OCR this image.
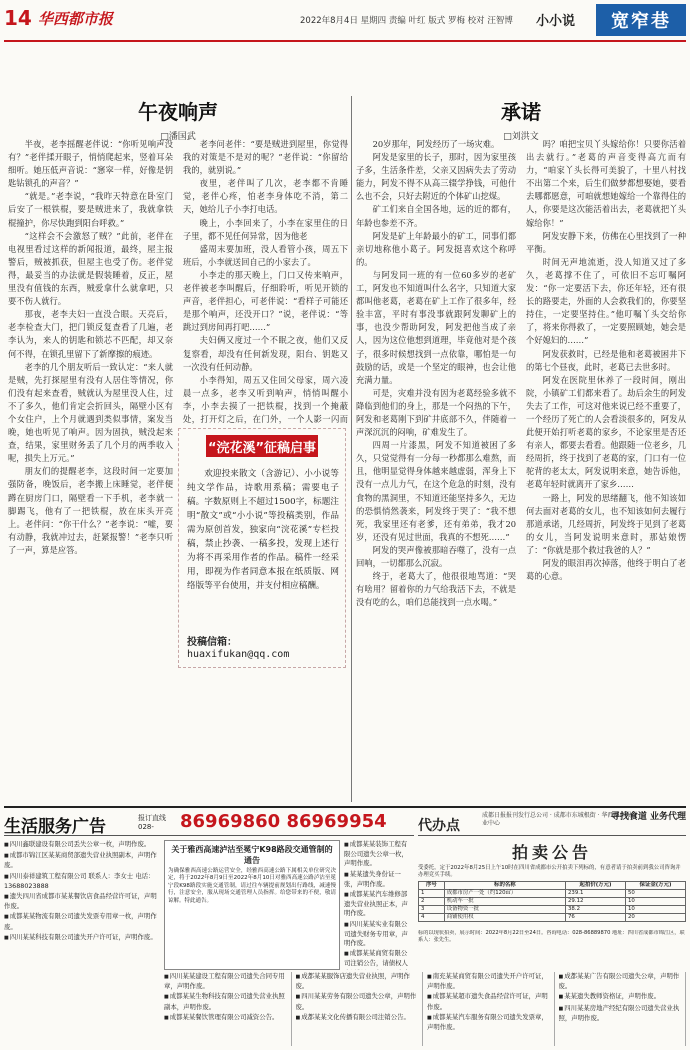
14 华西都市报	2022年8月4日 星期四 责编 叶红 版式 罗梅 校对 汪智博 小小说	宽窄巷
午夜响声
□潘国武

半夜，老李摇醒老伴说：“你听见响声没有？”老伴揉开眼子，悄悄爬起来，竖着耳朵细听。她压低声音说：“窸窣一样，好像是钥匙钻锁孔的声音？”

“就是。”老李说，“我昨天特意在卧室门后安了一根铁棍，要是贼进来了，我就拿铁棍撞护，你尽快跑到阳台呼救。”

“这样会不会激怒了贼？”此前，老伴在电视里看过这样的新闻报道，最终，屋主报警后，贼被抓获，但屋主也受了伤。老伴觉得，最妥当的办法就是假装睡着，反正，屋里没有值钱的东西，贼爱拿什么就拿吧，只要不伤人就行。

那夜，老李夫妇一直没合眼。天亮后，老李检查大门，把门锁反复查看了几遍，老李认为，来人的钥匙和锁芯不匹配，却又奈何不得，在锁孔里留下了新摩擦的痕迹。

老李的几个朋友听后一致认定：“来人就是贼，先打探屋里有没有人居住等情况，你们没有起来查看，贼就认为屋里没人住，过不了多久，他们肯定会折回头，隔壁小区有个女住户，上个月就遇到类似事情，案发当晚，她也听见了响声。因为固执，贼没起来查，结果，家里财务丢了几个月的两季收入呢，损失上万元。”

朋友们的提醒老李，这段时间一定要加强防备，晚饭后，老李搬上床睡觉，老伴便蹲在厨房门口，隔壁看一下手机，老李就一脚踢飞，他有了一把铁棍，放在床头开亮上。老伴问：“你干什么？”老李说：“嘘，要有动静，我就冲过去，赶紧报警！”老李只听了一声，算是应答。

老李问老伴：“要是贼进到屋里，你觉得我的对策是不是对的呢？”老伴说：“你留给我的，就别说。”

夜里，老伴叫了几次，老李都不肯睡觉，老伴心疼，怕老李身体吃不消，第二天，她给儿子小李打电话。

晚上，小李回来了，小李在家里住的日子里，都不见任何异常，因为他老

盛周末要加班，没人看管小孩，周五下班后，小李就送回自己的小家去了。

小李走的那天晚上，门口又传来响声，老伴被老李叫醒后，仔细聆听，听见开锁的声音，老伴担心，可老伴说：“看样子可能还是那个响声，还没开口？”说，老伴说：“等跳过到房间再打吧……”

夫妇俩又度过一个不眠之夜，他们又反复察看，却没有任何新发现，阳台、钥匙又一次没有任何动静。

小李得知，周五又住回父母家，周六凌晨一点多，老李又听到响声，悄悄叫醒小李，小李去摸了一把铁棍，找到一个掩蔽处，打开灯之后，在门外，一个人影一闪而

“浣花溪”征稿启事

欢迎投来散文（含游记）、小小说等纯文学作品，诗歌用系稿；需要电子稿。字数原则上不超过1500字，标题注明“散文”或“小小说”等投稿类别，作品需为原创首发，独家向“浣花溪”专栏投稿，禁止抄袭、一稿多投，发现上述行为将不再采用作者的作品。稿件一经采用，即视为作者同意本报在纸质版、网络版等平台使用，并支付相应稿酬。

投稿信箱：
huaxifukan@qq.com
承诺
□刘洪文

20岁那年，阿发经历了一场灾难。

阿发是家里的长子，那时，因为家里孩子多，生活条件差，父亲又因病失去了劳动能力，阿发不得不从高三辍学挣钱，可他什么也不会，只好去附近的个体矿山挖煤。

矿工们来自全国各地，远的近的都有，年龄也参差不齐。

阿发是矿上年龄最小的矿工，同事们都亲切地称他小葛子。阿发挺喜欢这个称呼的。

与阿发同一班的有一位60多岁的老矿工，阿发也不知道叫什么名字，只知道大家都叫他老葛，老葛在矿上工作了很多年，经验丰富，平时有事没事就跟阿发聊矿上的事，也没少帮助阿发，阿发把他当成了亲人，因为这位他想到道理，毕竟他对是个孩子，很多时候想找到一点依靠，哪怕是一句鼓励的话，或是一个坚定的眼神，也会让他充满力量。

可是，灾难并没有因为老葛经验多就不降临到他们的身上，那是一个闷热的下午，阿发和老葛刚下到矿井底部不久，伴随着一声深沉沉的闷响，矿难发生了。

四周一片漆黑，阿发不知道被困了多久，只觉觉得有一分每一秒都那么难熬，而且，他明显觉得身体越来越虚弱，浑身上下没有一点儿力气，在这个危急的时刻，没有食物的黑洞里，不知道还能坚持多久，无边的恐惧悄然袭来，阿发终于哭了：“我不想死，我家里还有老爹，还有弟弟，我才20岁，还没有见过世面，我真的不想死……”

阿发的哭声像被那暗吞噬了，没有一点回响，一切都那么沉寂。

终于，老葛大了，他很很地骂道：“哭有啥用？留着你的力气给我活下去，不就是没有吃的么，咱们总能找到一点水喝。”

吗？咱把宝贝丫头嫁给你！只要你活着出去就行。”老葛的声音变得高亢而有力，“咱家丫头长得可美貌了，十里八村找不出第二个来，后生们做梦都想娶她，要看去哪都愿意，可咱就想她嫁给一个靠得住的人，你要是这次能活着出去，老葛就把丫头嫁给你！”

阿发安静下来，仿佛在心里找到了一种平衡。

时间无声地流逝，没人知道又过了多久，老葛撑不住了，可依旧不忘叮嘱阿发：“你一定要活下去，你还年轻，还有很长的路要走，外面的人会救我们的，你要坚持住，一定要坚持住。”他叮嘱丫头交给你了，将来你得救了，一定要照顾她，她会是个好媳妇的……”

阿发获救时，已经是他和老葛被困井下的第七个昼夜，此时，老葛已去世多时。

阿发在医院里休养了一段时间，刚出院，小镇矿工们都来看了。劫后余生的阿发失去了工作，可这对他来说已经不重要了，一个经历了死亡的人会看淡很多的，阿发从此便开始打听老葛的家乡，不论家里是否还有亲人，都要去看看。他跟随一位老乡，几经周折，终于找到了老葛的家，门口有一位驼背的老太太，阿发说明来意，她告诉他，老葛年轻时就离开了家乡……

一路上，阿发的思绪翻飞，他不知该如何去面对老葛的女儿，也不知该如何去履行那道承诺，几经周折，阿发终于见到了老葛的女儿，当阿发说明来意时，那姑娘愣了：“你就是那个救过我爸的人？”

阿发的眼泪再次掉落，他终于明白了老葛的心意。

生活服务广告	报订直线 028-	86969860 86969954 代办点
成都日报报刊发行总公司 · 成都市东城根街 · 华西都市报报业中心
寻找食道 业务代理
■ 四川鑫联建设有限公司丢失公章一枚，声明作废。
■ 成都市锦江区某某商贸部遗失营业执照副本，声明作废。
■ 四川泰祥建筑工程有限公司 联系人：李女士 电话：13688023888
■ 遗失四川省成都市某某餐饮店食品经营许可证，声明作废。
■ 成都某某物流有限公司遗失发票专用章一枚，声明作废。
■ 四川某某科技有限公司遗失开户许可证，声明作废。
关于雅西高速泸沽至冕宁K98路段交通管制的通告
为确保雅西高速公路运营安全，经雅西高速公路下属相关单位研究决定，将于2022年8月9日至2022年8月10日对雅西高速公路泸沽至冕宁段K98路段实施交通管制，请过往车辆提前规划出行路线，减速慢行，注意安全，服从现场交通管理人员指挥。给您带来的不便，敬请谅解。特此通告。
■ 成都某某装饰工程有限公司遗失公章一枚，声明作废。
■ 某某遗失身份证一张，声明作废。
■ 成都某某汽车维修部遗失营业执照正本，声明作废。
■ 四川某某实业有限公司遗失财务专用章，声明作废。
■ 成都某某商贸有限公司注销公告，请债权人
拍卖公告
受委托，定于2022年8月25日上午10时在四川省成都市公开拍卖下列标的，有意者请于拍卖前到我公司咨询并办理竞买手续。
序号	标的名称	起拍价(万元)	保证金(万元)
1	成都市房产一处（约120㎡）	239.1	50
2	机动车一批	29.12	10
3	设备物资一批	38.2	10
4	商铺使用权	76	20
标的以现状拍卖，展示时间：2022年8月22日至24日。咨询电话：028-86889870 地址：四川省成都市锦江区，联系人：张先生。
■ 四川某某建设工程有限公司遗失合同专用章，声明作废。
■ 成都某某生物科技有限公司遗失营业执照副本，声明作废。
■ 成都某某餐饮管理有限公司减资公告。
■ 成都某某服饰店遗失营业执照，声明作废。
■ 四川某某劳务有限公司遗失公章，声明作废。
■ 成都某某文化传播有限公司注销公告。
■ 南充某某商贸有限公司遗失开户许可证，声明作废。
■ 成都某某超市遗失食品经营许可证，声明作废。
■ 成都某某汽车服务有限公司遗失发票章，声明作废。
■ 成都某某广告有限公司遗失公章，声明作废。
■ 某某遗失教师资格证，声明作废。
■ 四川某某房地产经纪有限公司遗失营业执照，声明作废。
